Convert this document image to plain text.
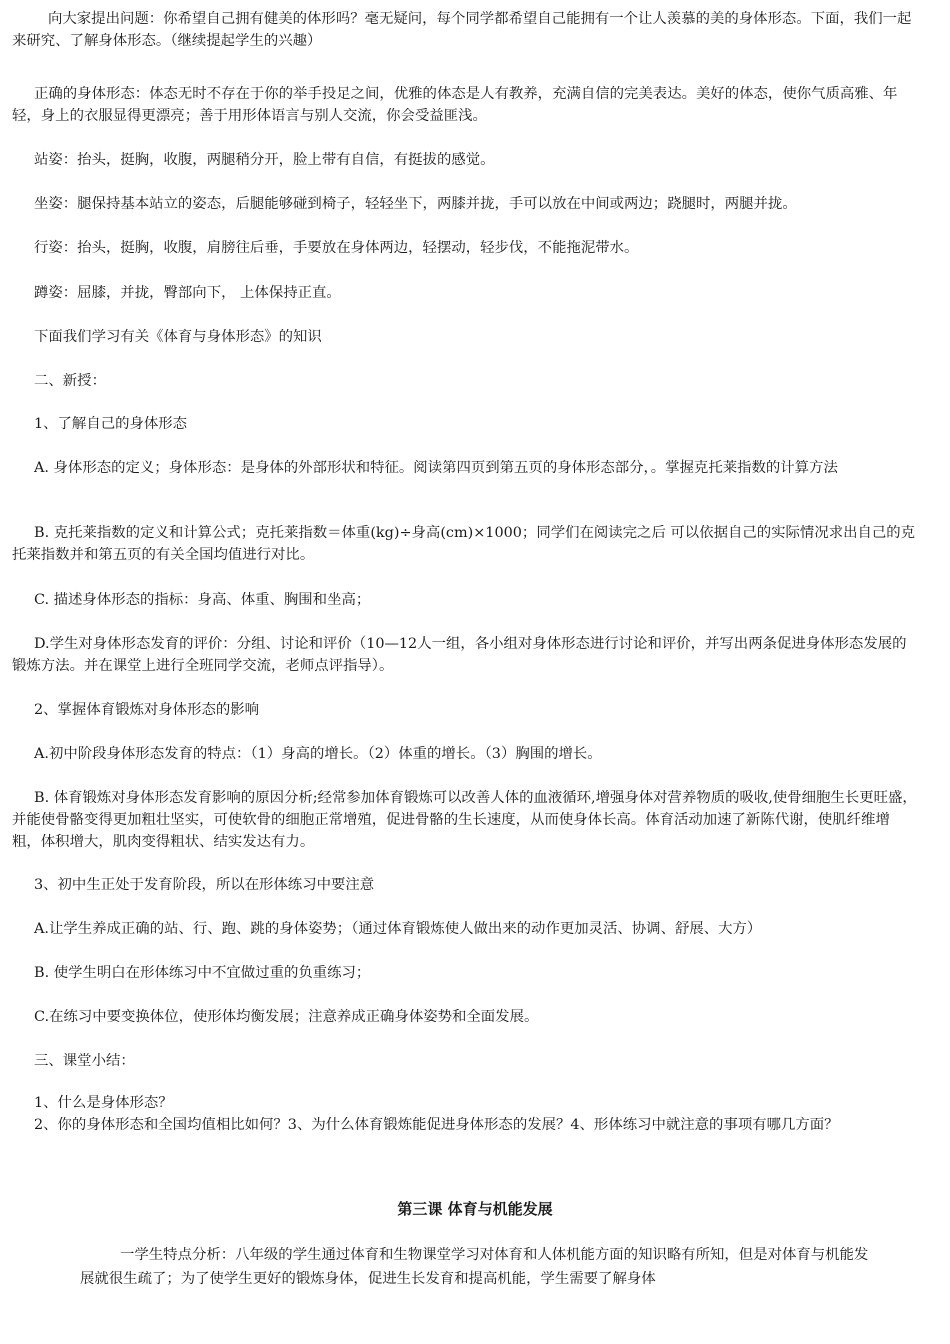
向大家提出问题：你希望自己拥有健美的体形吗？毫无疑问，每个同学都希望自己能拥有一个让人羡慕的美的身体形态。下面，我们一起来研究、了解身体形态。（继续提起学生的兴趣）

正确的身体形态：体态无时不存在于你的举手投足之间，优雅的体态是人有教养，充满自信的完美表达。美好的体态，使你气质高雅、年轻，身上的衣服显得更漂亮；善于用形体语言与别人交流，你会受益匪浅。

站姿：抬头，挺胸，收腹，两腿稍分开，脸上带有自信，有挺拔的感觉。

坐姿：腿保持基本站立的姿态，后腿能够碰到椅子，轻轻坐下，两膝并拢，手可以放在中间或两边；跷腿时，两腿并拢。

行姿：抬头，挺胸，收腹，肩膀往后垂，手要放在身体两边，轻摆动，轻步伐，不能拖泥带水。

蹲姿：屈膝，并拢，臀部向下， 上体保持正直。

下面我们学习有关《体育与身体形态》的知识

二、新授：

1、了解自己的身体形态

A. 身体形态的定义；身体形态：是身体的外部形状和特征。阅读第四页到第五页的身体形态部分，。掌握克托莱指数的计算方法

B. 克托莱指数的定义和计算公式；克托莱指数＝体重(kg)÷身高(cm)×1000；同学们在阅读完之后 可以依据自己的实际情况求出自己的克托莱指数并和第五页的有关全国均值进行对比。

C. 描述身体形态的指标：身高、体重、胸围和坐高；

D.学生对身体形态发育的评价：分组、讨论和评价（10—12人一组，各小组对身体形态进行讨论和评价，并写出两条促进身体形态发展的锻炼方法。并在课堂上进行全班同学交流，老师点评指导）。

2、掌握体育锻炼对身体形态的影响

A.初中阶段身体形态发育的特点：（1）身高的增长。（2）体重的增长。（3）胸围的增长。

B. 体育锻炼对身体形态发育影响的原因分析;经常参加体育锻炼可以改善人体的血液循环,增强身体对营养物质的吸收,使骨细胞生长更旺盛，并能使骨骼变得更加粗壮坚实，可使软骨的细胞正常增殖，促进骨骼的生长速度，从而使身体长高。体育活动加速了新陈代谢，使肌纤维增粗，体积增大，肌肉变得粗状、结实发达有力。

3、初中生正处于发育阶段，所以在形体练习中要注意

A.让学生养成正确的站、行、跑、跳的身体姿势；（通过体育锻炼使人做出来的动作更加灵活、协调、舒展、大方）

B. 使学生明白在形体练习中不宜做过重的负重练习；

C.在练习中要变换体位，使形体均衡发展；注意养成正确身体姿势和全面发展。

三、课堂小结：

1、什么是身体形态？

2、你的身体形态和全国均值相比如何？3、为什么体育锻炼能促进身体形态的发展？4、形体练习中就注意的事项有哪几方面？

第三课 体育与机能发展

一学生特点分析：八年级的学生通过体育和生物课堂学习对体育和人体机能方面的知识略有所知，但是对体育与机能发展就很生疏了；为了使学生更好的锻炼身体，促进生长发育和提高机能，学生需要了解身体
